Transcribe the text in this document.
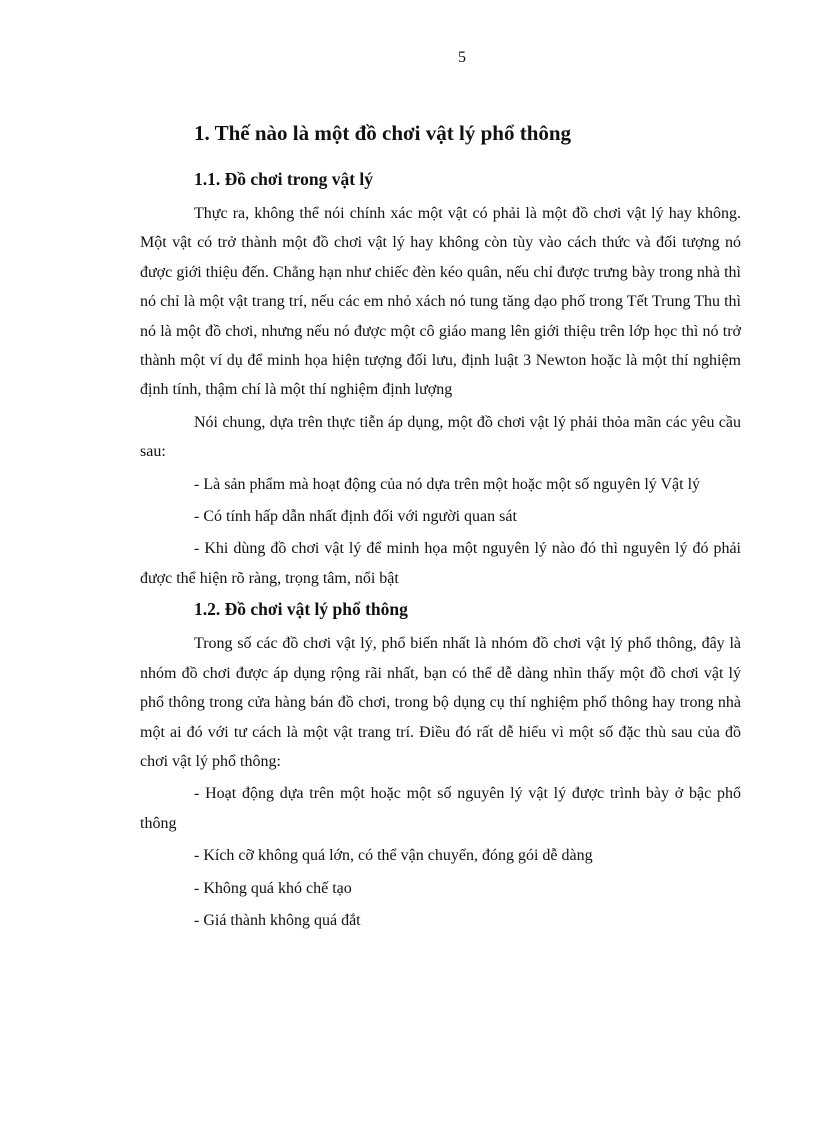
5
1. Thế nào là một đồ chơi vật lý phổ thông
1.1. Đồ chơi trong vật lý

Thực ra, không thể nói chính xác một vật có phải là một đồ chơi vật lý hay không. Một vật có trở thành một đồ chơi vật lý hay không còn tùy vào cách thức và đối tượng nó được giới thiệu đến. Chẳng hạn như chiếc đèn kéo quân, nếu chỉ được trưng bày trong nhà thì nó chỉ là một vật trang trí, nếu các em nhỏ xách nó tung tăng dạo phố trong Tết Trung Thu thì nó là một đồ chơi, nhưng nếu nó được một cô giáo mang lên giới thiệu trên lớp học thì nó trở thành một ví dụ để minh họa hiện tượng đối lưu, định luật 3 Newton hoặc là một thí nghiệm định tính, thậm chí là một thí nghiệm định lượng

Nói chung, dựa trên thực tiễn áp dụng, một đồ chơi vật lý phải thỏa mãn các yêu cầu sau:

- Là sản phẩm mà hoạt động của nó dựa trên một hoặc một số nguyên lý Vật lý

- Có tính hấp dẫn nhất định đối với người quan sát

- Khi dùng đồ chơi vật lý để minh họa một nguyên lý nào đó thì nguyên lý đó phải được thể hiện rõ ràng, trọng tâm, nổi bật

1.2. Đồ chơi vật lý phổ thông

Trong số các đồ chơi vật lý, phổ biến nhất là nhóm đồ chơi vật lý phổ thông, đây là nhóm đồ chơi được áp dụng rộng rãi nhất, bạn có thể dễ dàng nhìn thấy một đồ chơi vật lý phổ thông trong cửa hàng bán đồ chơi, trong bộ dụng cụ thí nghiệm phổ thông hay trong nhà một ai đó với tư cách là một vật trang trí. Điều đó rất dễ hiểu vì một số đặc thù sau của đồ chơi vật lý phổ thông:

- Hoạt động dựa trên một hoặc một số nguyên lý vật lý được trình bày ở bậc phổ thông

- Kích cỡ không quá lớn, có thể vận chuyển, đóng gói dễ dàng

- Không quá khó chế tạo

- Giá thành không quá đắt
